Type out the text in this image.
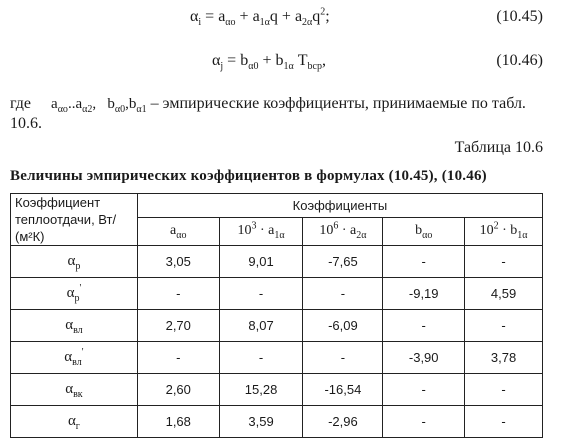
$\alpha_i = a_{\alpha o} + a_{1\alpha}q + a_{2\alpha}q^2$;	(10.45)
$\alpha_j = b_{\alpha 0} + b_{1\alpha}$ $T_{bcp}$,	(10.46)
где $a_{\alpha o}..a_{\alpha 2}$,   $b_{\alpha 0},b_{\alpha 1}$ – эмпирические коэффициенты, принимаемые по табл. 10.6.
Таблица 10.6
Величины эмпирических коэффициентов в формулах (10.45), (10.46)
Коэффициент теплоотдачи, Вт/ (м²К)	Коэффициенты				
	$a_{\alpha o}$	$10^3 \cdot a_{1\alpha}$	$10^6 \cdot a_{2\alpha}$	$b_{\alpha o}$	$10^2 \cdot b_{1\alpha}$
$\alpha_р$	3,05	9,01	-7,65	-	-
$\alpha_р'$	-	-	-	-9,19	4,59
$\alpha_{вл}$	2,70	8,07	-6,09	-	-
$\alpha_{вл}'$	-	-	-	-3,90	3,78
$\alpha_{вк}$	2,60	15,28	-16,54	-	-
$\alpha_г$	1,68	3,59	-2,96	-	-
